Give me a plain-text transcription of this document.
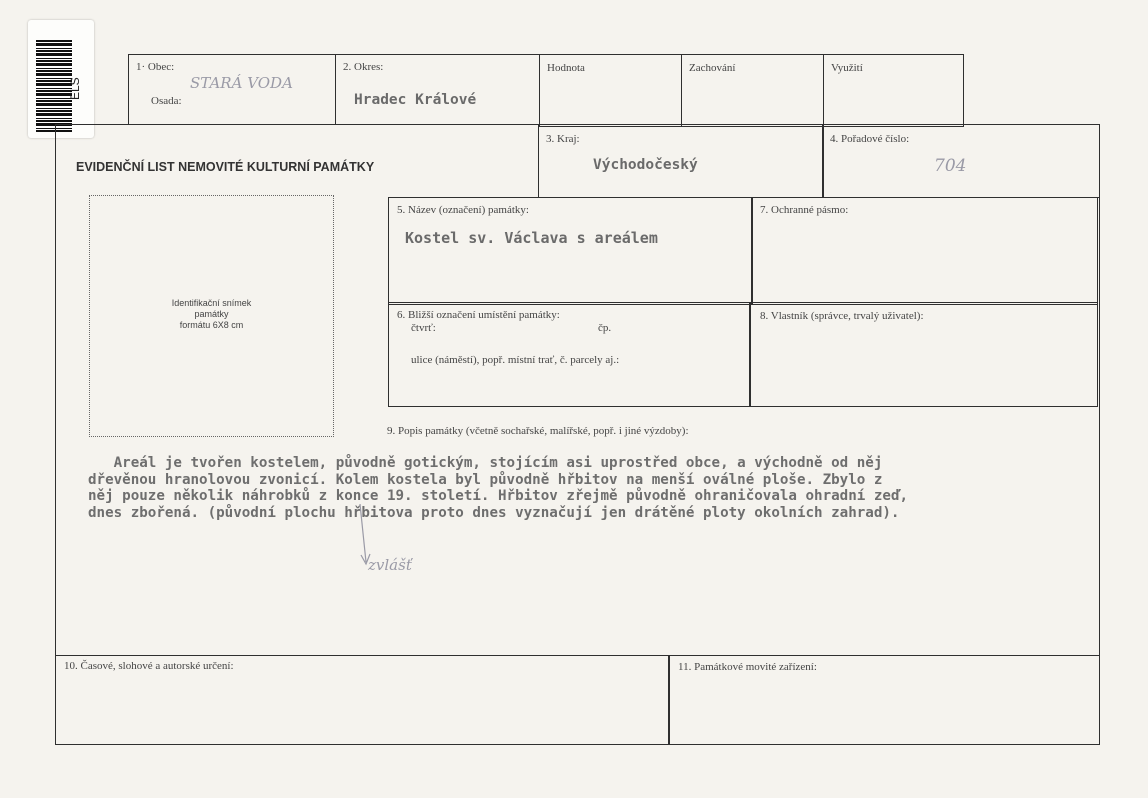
ELS
1· Obec:
STARÁ VODA
Osada:
2. Okres:
Hradec Králové
Hodnota	Zachování	Využití
EVIDENČNÍ LIST NEMOVITÉ KULTURNÍ PAMÁTKY
3. Kraj:
Východočeský
4. Pořadové číslo:
704
Identifikační snímek
památky
formátu 6X8 cm
5. Název (označení) památky:
Kostel sv. Václava s areálem
7. Ochranné pásmo:
6. Bližší označení umístění památky:
čtvrť:	čp.
ulice (náměstí), popř. místní trať, č. parcely aj.:
8. Vlastník (správce, trvalý uživatel):
9. Popis památky (včetně sochařské, malířské, popř. i jiné výzdoby):
Areál je tvořen kostelem, původně gotickým, stojícím asi uprostřed obce, a východně od něj
dřevěnou hranolovou zvonicí. Kolem kostela byl původně hřbitov na menší oválné ploše. Zbylo z
něj pouze několik náhrobků z konce 19. století. Hřbitov zřejmě původně ohraničovala ohradní zeď,
dnes zbořená. (původní plochu hřbitova proto dnes vyznačují jen drátěné ploty okolních zahrad).
zvlášť
10. Časové, slohové a autorské určení:	11. Památkové movité zařízení:
